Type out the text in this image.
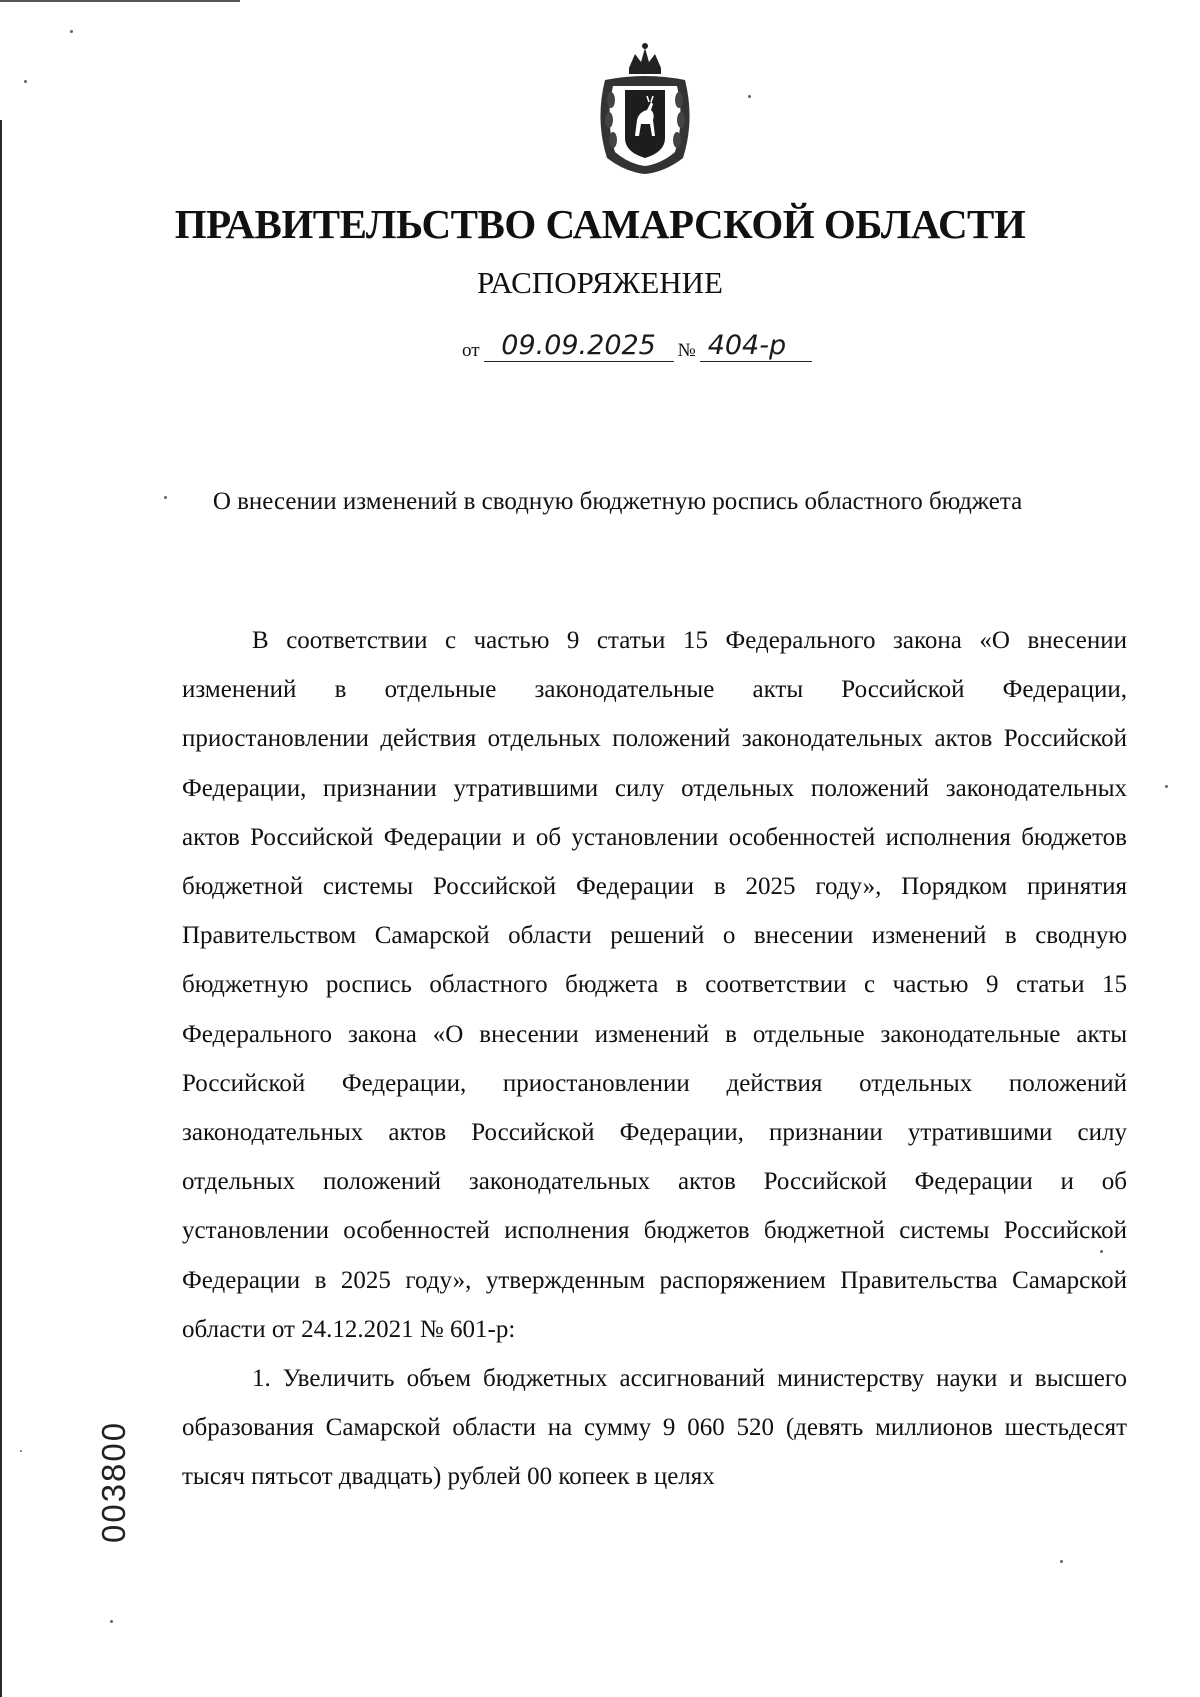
ПРАВИТЕЛЬСТВО САМАРСКОЙ ОБЛАСТИ
РАСПОРЯЖЕНИЕ
от 09.09.2025	№ 404-р
О внесении изменений в сводную бюджетную роспись областного бюджета

В соответствии с частью 9 статьи 15 Федерального закона «О внесении изменений в отдельные законодательные акты Российской Федерации, приостановлении действия отдельных положений законодательных актов Российской Федерации, признании утратившими силу отдельных положений законодательных актов Российской Федерации и об установлении особенностей исполнения бюджетов бюджетной системы Российской Федерации в 2025 году», Порядком принятия Правительством Самарской области решений о внесении изменений в сводную бюджетную роспись областного бюджета в соответствии с частью 9 статьи 15 Федерального закона «О внесении изменений в отдельные законодательные акты Российской Федерации, приостановлении действия отдельных положений законодательных актов Российской Федерации, признании утратившими силу отдельных положений законодательных актов Российской Федерации и об установлении особенностей исполнения бюджетов бюджетной системы Российской Федерации в 2025 году», утвержденным распоряжением Правительства Самарской области от 24.12.2021 № 601-р:

1. Увеличить объем бюджетных ассигнований министерству науки и высшего образования Самарской области на сумму 9 060 520 (девять миллионов шестьдесят тысяч пятьсот двадцать) рублей 00 копеек в целях

003800
